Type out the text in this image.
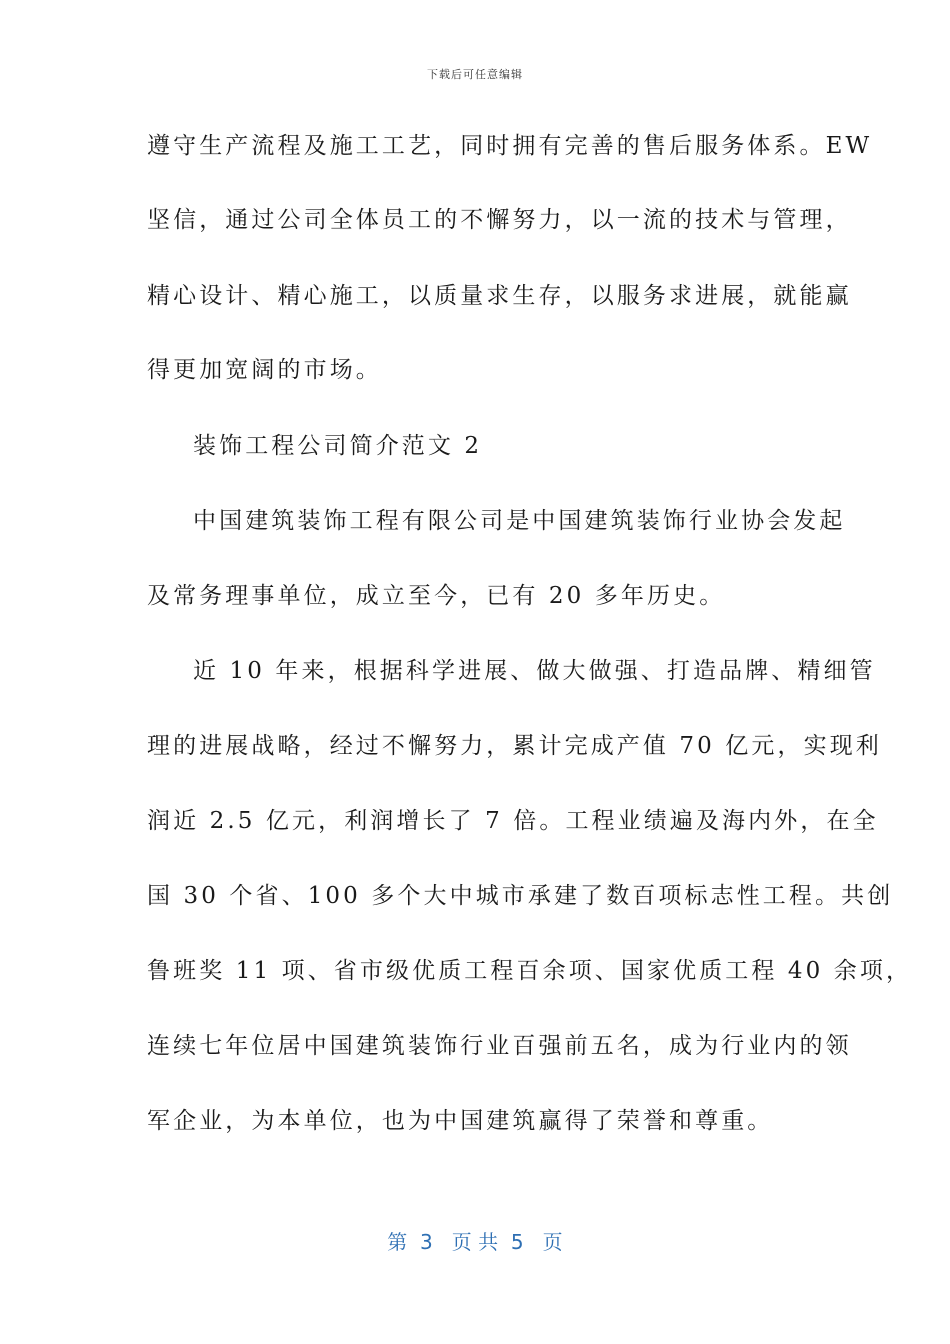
下载后可任意编辑
遵守生产流程及施工工艺，同时拥有完善的售后服务体系。EW
坚信，通过公司全体员工的不懈努力，以一流的技术与管理，
精心设计、精心施工，以质量求生存，以服务求进展，就能赢
得更加宽阔的市场。
装饰工程公司简介范文 2
中国建筑装饰工程有限公司是中国建筑装饰行业协会发起
及常务理事单位，成立至今，已有 20 多年历史。
近 10 年来，根据科学进展、做大做强、打造品牌、精细管
理的进展战略，经过不懈努力，累计完成产值 70 亿元，实现利
润近 2.5 亿元，利润增长了 7 倍。工程业绩遍及海内外，在全
国 30 个省、100 多个大中城市承建了数百项标志性工程。共创
鲁班奖 11 项、省市级优质工程百余项、国家优质工程 40 余项，
连续七年位居中国建筑装饰行业百强前五名，成为行业内的领
军企业，为本单位，也为中国建筑赢得了荣誉和尊重。
第  3   页 共  5   页
